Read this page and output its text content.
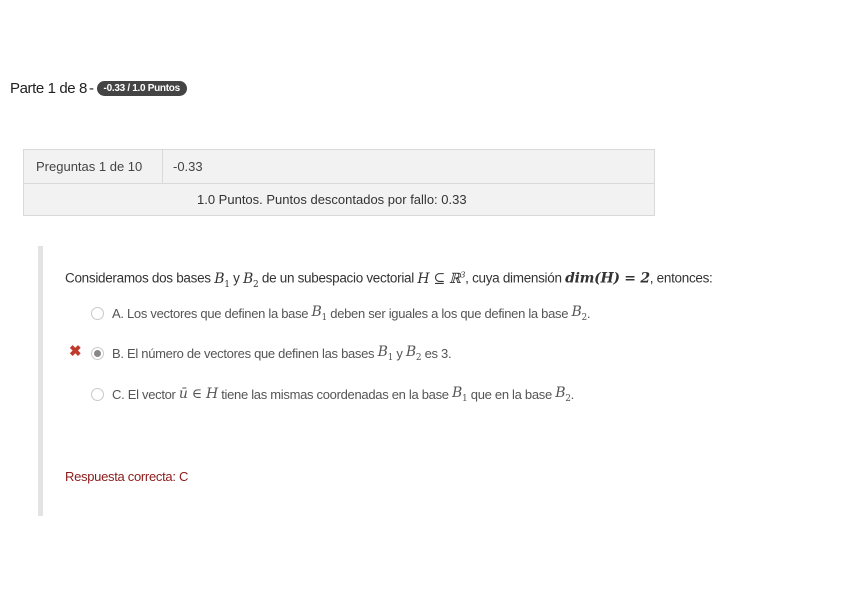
Parte 1 de 8 -	-0.33 / 1.0 Puntos
Preguntas 1 de 10	-0.33
1.0 Puntos. Puntos descontados por fallo: 0.33
Consideramos dos bases $B_1$ y $B_2$ de un subespacio vectorial H ⊆ ℝ$^3$, cuya dimensión dim(H) = 2, entonces:
A.
Los vectores que definen la base
$B_1$
deben ser iguales a los que definen la base
$B_2$ .
✖ B.
El número de vectores que definen las bases
$B_1$
y
$B_2$
es 3.
C.
El vector
ū ∈ H
tiene las mismas coordenadas en la base
$B_1$
que en la base
$B_2$ .
Respuesta correcta: C
